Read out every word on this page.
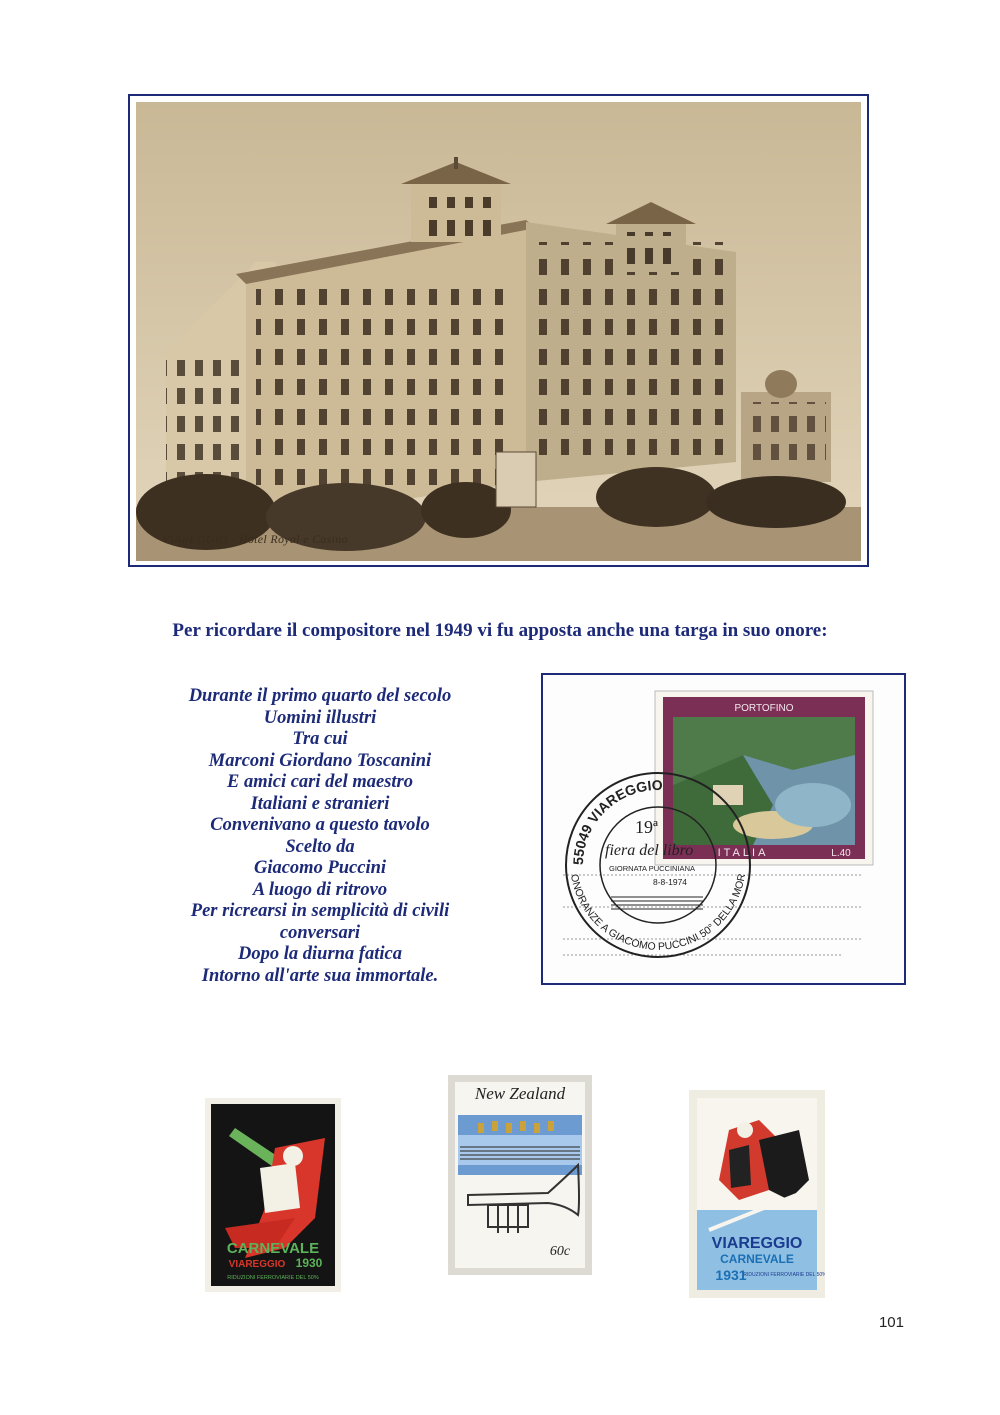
VIAREGGIO - Hotel Royal e Casino
Per ricordare il compositore nel 1949 vi fu apposta anche una targa in suo onore:
Durante il primo quarto del secolo
Uomini illustri
Tra cui
Marconi Giordano Toscanini
E amici cari del maestro
Italiani e stranieri
Convenivano a questo tavolo
Scelto da
Giacomo Puccini
A luogo di ritrovo
Per ricrearsi in semplicità di civili
conversari
Dopo la diurna fatica
Intorno all'arte sua immortale.
PORTOFINO
ITALIA	L.40
55049 VIAREGGIO
ONORANZE A GIACOMO PUCCINI 50° DELLA MOR
19ª
fiera del libro
GIORNATA PUCCINIANA
8-8-1974
CARNEVALE
VIAREGGIO 1930
RIDUZIONI FERROVIARIE DEL 50%
New Zealand
60c	VIAREGGIO
CARNEVALE
1931
RIDUZIONI FERROVIARIE DEL 50%
101
